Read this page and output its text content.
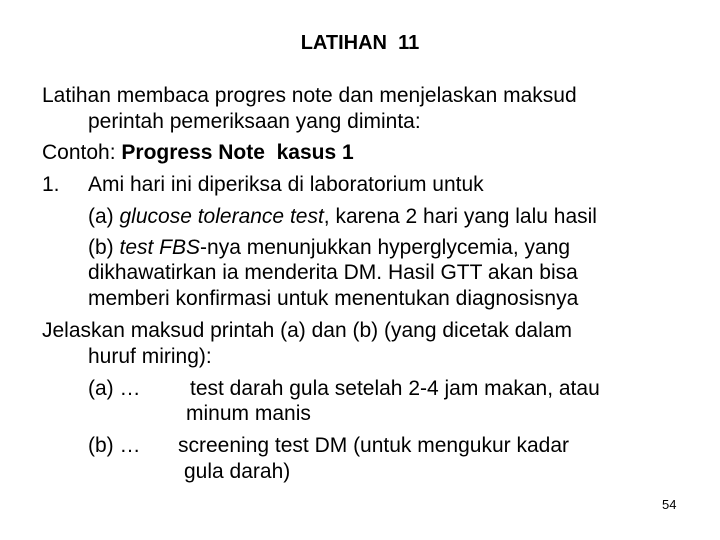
LATIHAN  11
Latihan membaca progres note dan menjelaskan maksud
perintah pemeriksaan yang diminta:
Contoh: Progress Note  kasus 1
1. Ami hari ini diperiksa di laboratorium untuk
(a) glucose tolerance test, karena 2 hari yang lalu hasil
(b) test FBS-nya menunjukkan hyperglycemia, yang
dikhawatirkan ia menderita DM. Hasil GTT akan bisa
memberi konfirmasi untuk menentukan diagnosisnya
Jelaskan maksud printah (a) dan (b) (yang dicetak dalam
huruf miring):
(a) … test darah gula setelah 2-4 jam makan, atau
minum manis
(b) … screening test DM (untuk mengukur kadar
gula darah)
54
